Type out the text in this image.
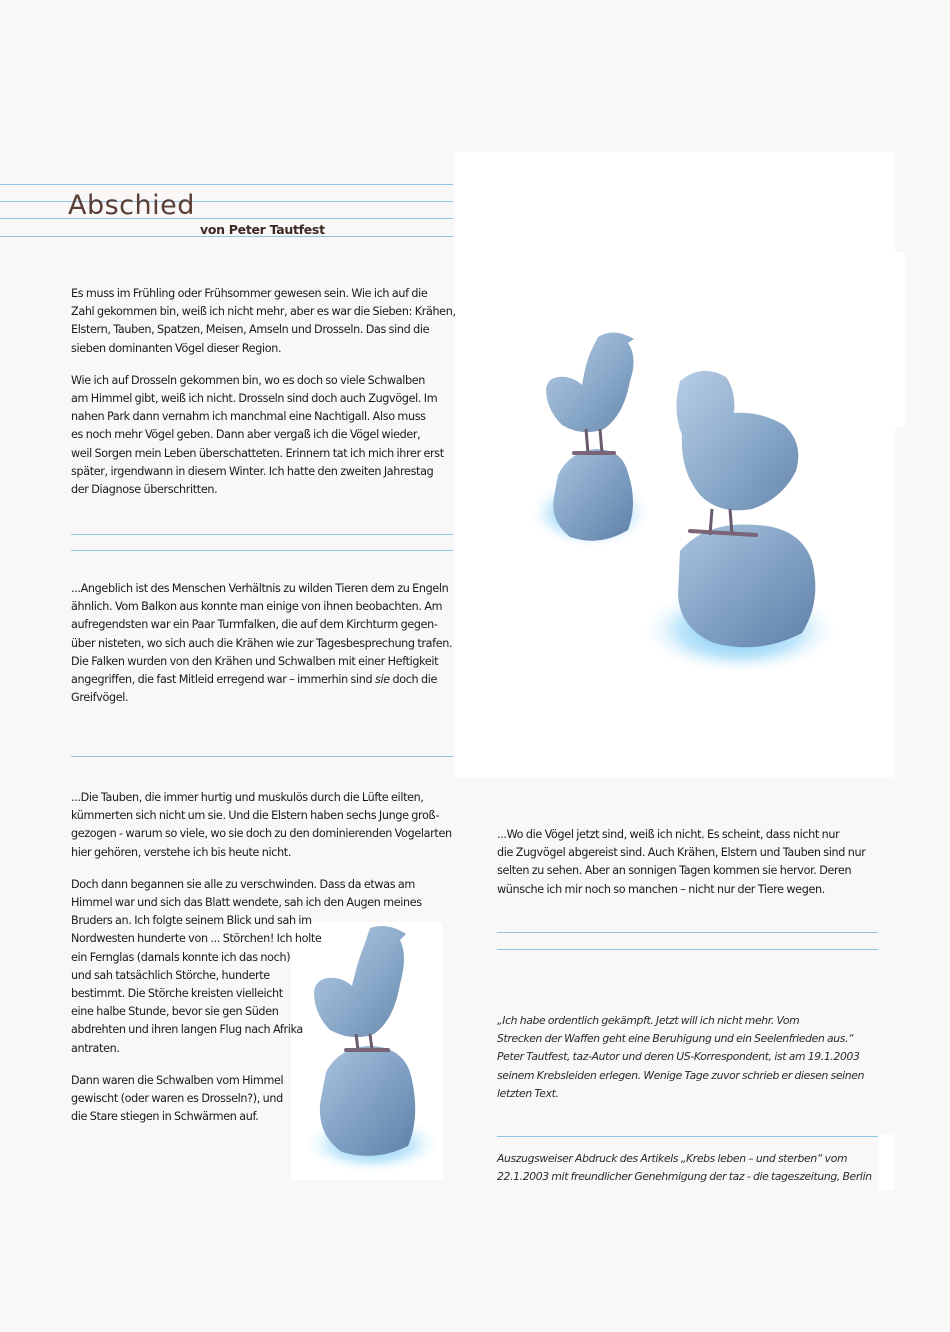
Abschied
von Peter Tautfest

Es muss im Frühling oder Frühsommer gewesen sein. Wie ich auf die
Zahl gekommen bin, weiß ich nicht mehr, aber es war die Sieben: Krähen,
Elstern, Tauben, Spatzen, Meisen, Amseln und Drosseln. Das sind die
sieben dominanten Vögel dieser Region.

Wie ich auf Drosseln gekommen bin, wo es doch so viele Schwalben
am Himmel gibt, weiß ich nicht. Drosseln sind doch auch Zugvögel. Im
nahen Park dann vernahm ich manchmal eine Nachtigall. Also muss
es noch mehr Vögel geben. Dann aber vergaß ich die Vögel wieder,
weil Sorgen mein Leben überschatteten. Erinnern tat ich mich ihrer erst
später, irgendwann in diesem Winter. Ich hatte den zweiten Jahrestag
der Diagnose überschritten.

...Angeblich ist des Menschen Verhältnis zu wilden Tieren dem zu Engeln
ähnlich. Vom Balkon aus konnte man einige von ihnen beobachten. Am
aufregendsten war ein Paar Turmfalken, die auf dem Kirchturm gegen-
über nisteten, wo sich auch die Krähen wie zur Tagesbesprechung trafen.
Die Falken wurden von den Krähen und Schwalben mit einer Heftigkeit
angegriffen, die fast Mitleid erregend war – immerhin sind sie doch die
Greifvögel.

...Die Tauben, die immer hurtig und muskulös durch die Lüfte eilten,
kümmerten sich nicht um sie. Und die Elstern haben sechs Junge groß-
gezogen - warum so viele, wo sie doch zu den dominierenden Vogelarten
hier gehören, verstehe ich bis heute nicht.

Doch dann begannen sie alle zu verschwinden. Dass da etwas am
Himmel war und sich das Blatt wendete, sah ich den Augen meines
Bruders an. Ich folgte seinem Blick und sah im
Nordwesten hunderte von ... Störchen! Ich holte
ein Fernglas (damals konnte ich das noch)
und sah tatsächlich Störche, hunderte
bestimmt. Die Störche kreisten vielleicht
eine halbe Stunde, bevor sie gen Süden
abdrehten und ihren langen Flug nach Afrika
antraten.

Dann waren die Schwalben vom Himmel
gewischt (oder waren es Drosseln?), und
die Stare stiegen in Schwärmen auf.

...Wo die Vögel jetzt sind, weiß ich nicht. Es scheint, dass nicht nur
die Zugvögel abgereist sind. Auch Krähen, Elstern und Tauben sind nur
selten zu sehen. Aber an sonnigen Tagen kommen sie hervor. Deren
wünsche ich mir noch so manchen – nicht nur der Tiere wegen.

„Ich habe ordentlich gekämpft. Jetzt will ich nicht mehr. Vom
Strecken der Waffen geht eine Beruhigung und ein Seelenfrieden aus.“
Peter Tautfest, taz-Autor und deren US-Korrespondent, ist am 19.1.2003
seinem Krebsleiden erlegen. Wenige Tage zuvor schrieb er diesen seinen
letzten Text.
Auszugsweiser Abdruck des Artikels „Krebs leben – und sterben“ vom
22.1.2003 mit freundlicher Genehmigung der taz - die tageszeitung, Berlin
